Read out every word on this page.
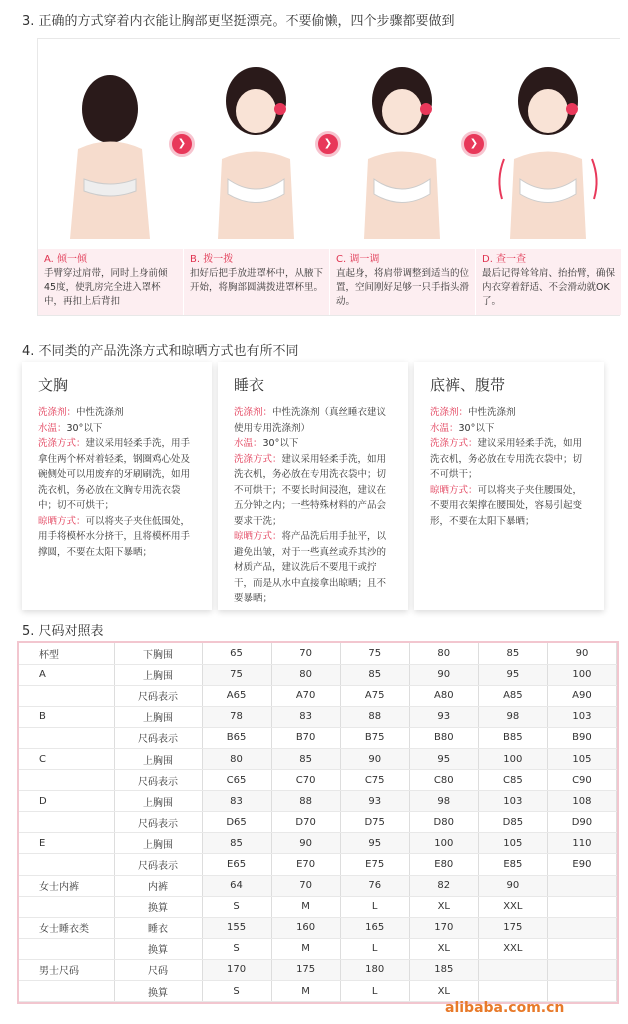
3. 正确的方式穿着内衣能让胸部更坚挺漂亮。不要偷懒，四个步骤都要做到
A. 倾一倾
手臂穿过肩带，同时上身前倾45度，使乳房完全进入罩杯中，再扣上后背扣
B. 拨一拨
扣好后把手放进罩杯中，从腋下开始，将胸部圆满拨进罩杯里。
C. 调一调
直起身，将肩带调整到适当的位置，空间刚好足够一只手指头滑动。
D. 查一查
最后记得耸耸肩、抬抬臂，确保内衣穿着舒适、不会滑动就OK了。
❯	❯	❯
4. 不同类的产品洗涤方式和晾晒方式也有所不同
文胸
洗涤剂：中性洗涤剂
水温：30°以下
洗涤方式：建议采用轻柔手洗，用手拿住两个杯对着轻柔，钢圈鸡心处及碗侧处可以用废弃的牙刷刷洗，如用洗衣机，务必放在文胸专用洗衣袋中；切不可烘干；
晾晒方式：可以将夹子夹住低围处，用手将模杯水分挤干，且将模杯用手撑圆，不要在太阳下暴晒；
睡衣
洗涤剂：中性洗涤剂（真丝睡衣建议使用专用洗涤剂）
水温：30°以下
洗涤方式：建议采用轻柔手洗，如用洗衣机，务必放在专用洗衣袋中；切不可烘干；不要长时间浸泡，建议在五分钟之内；一些特殊材料的产品会要求干洗；
晾晒方式：将产品洗后用手扯平，以避免出皱，对于一些真丝或乔其沙的材质产品，建议洗后不要甩干或拧干，而是从水中直接拿出晾晒；且不要暴晒；
底裤、腹带
洗涤剂：中性洗涤剂
水温：30°以下
洗涤方式：建议采用轻柔手洗，如用洗衣机，务必放在专用洗衣袋中；切不可烘干；
晾晒方式：可以将夹子夹住腰围处，不要用衣架撑在腰围处，容易引起变形，不要在太阳下暴晒；
5. 尺码对照表
杯型	下胸围	65	70	75	80	85	90
A	上胸围	75	80	85	90	95	100
	尺码表示	A65	A70	A75	A80	A85	A90
B	上胸围	78	83	88	93	98	103
	尺码表示	B65	B70	B75	B80	B85	B90
C	上胸围	80	85	90	95	100	105
	尺码表示	C65	C70	C75	C80	C85	C90
D	上胸围	83	88	93	98	103	108
	尺码表示	D65	D70	D75	D80	D85	D90
E	上胸围	85	90	95	100	105	110
	尺码表示	E65	E70	E75	E80	E85	E90
女士内裤	内裤	64	70	76	82	90	
	换算	S	M	L	XL	XXL	
女士睡衣类	睡衣	155	160	165	170	175	
	换算	S	M	L	XL	XXL	
男士尺码	尺码	170	175	180	185		
	换算	S	M	L	XL		
alibaba.com.cn
